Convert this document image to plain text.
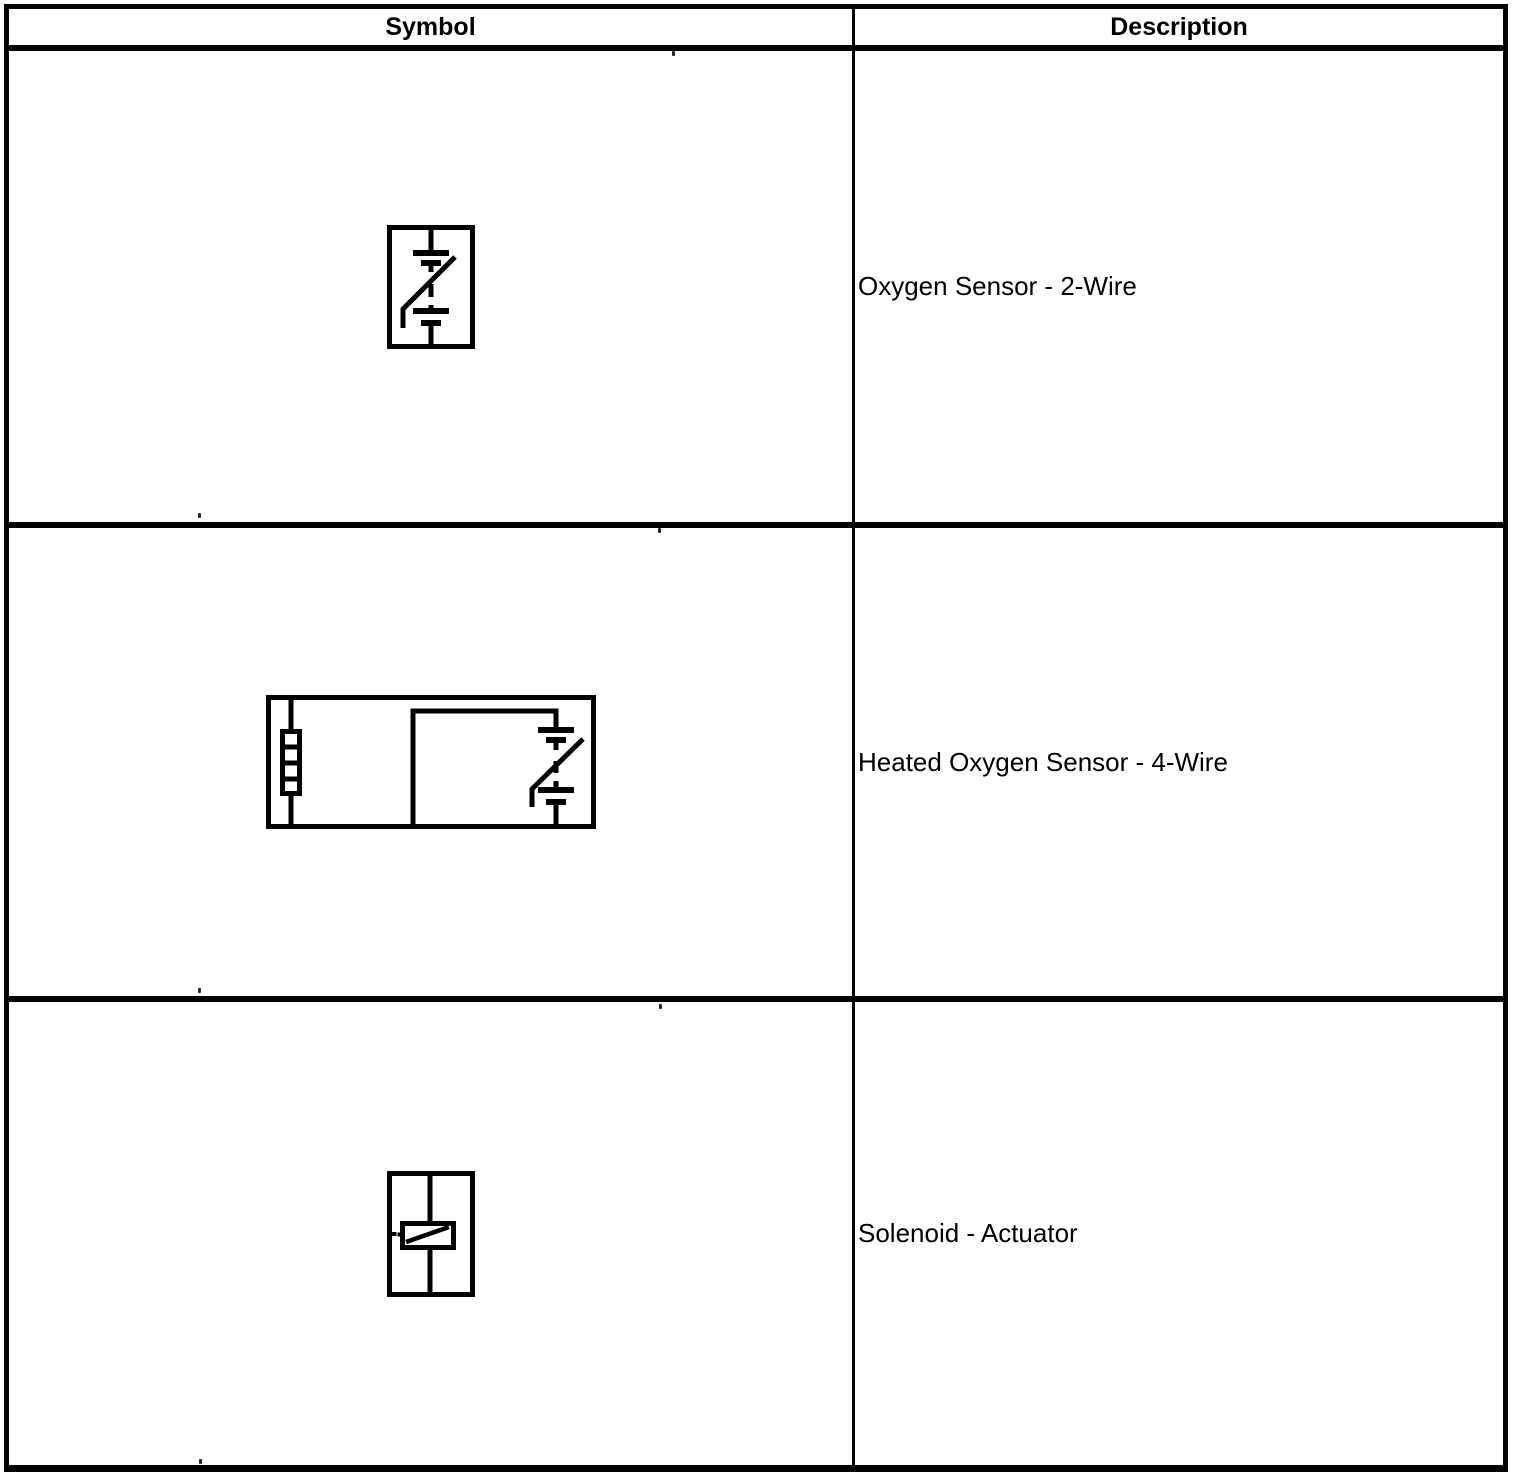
Symbol	Description
Oxygen Sensor - 2-Wire
Heated Oxygen Sensor - 4-Wire
Solenoid - Actuator
